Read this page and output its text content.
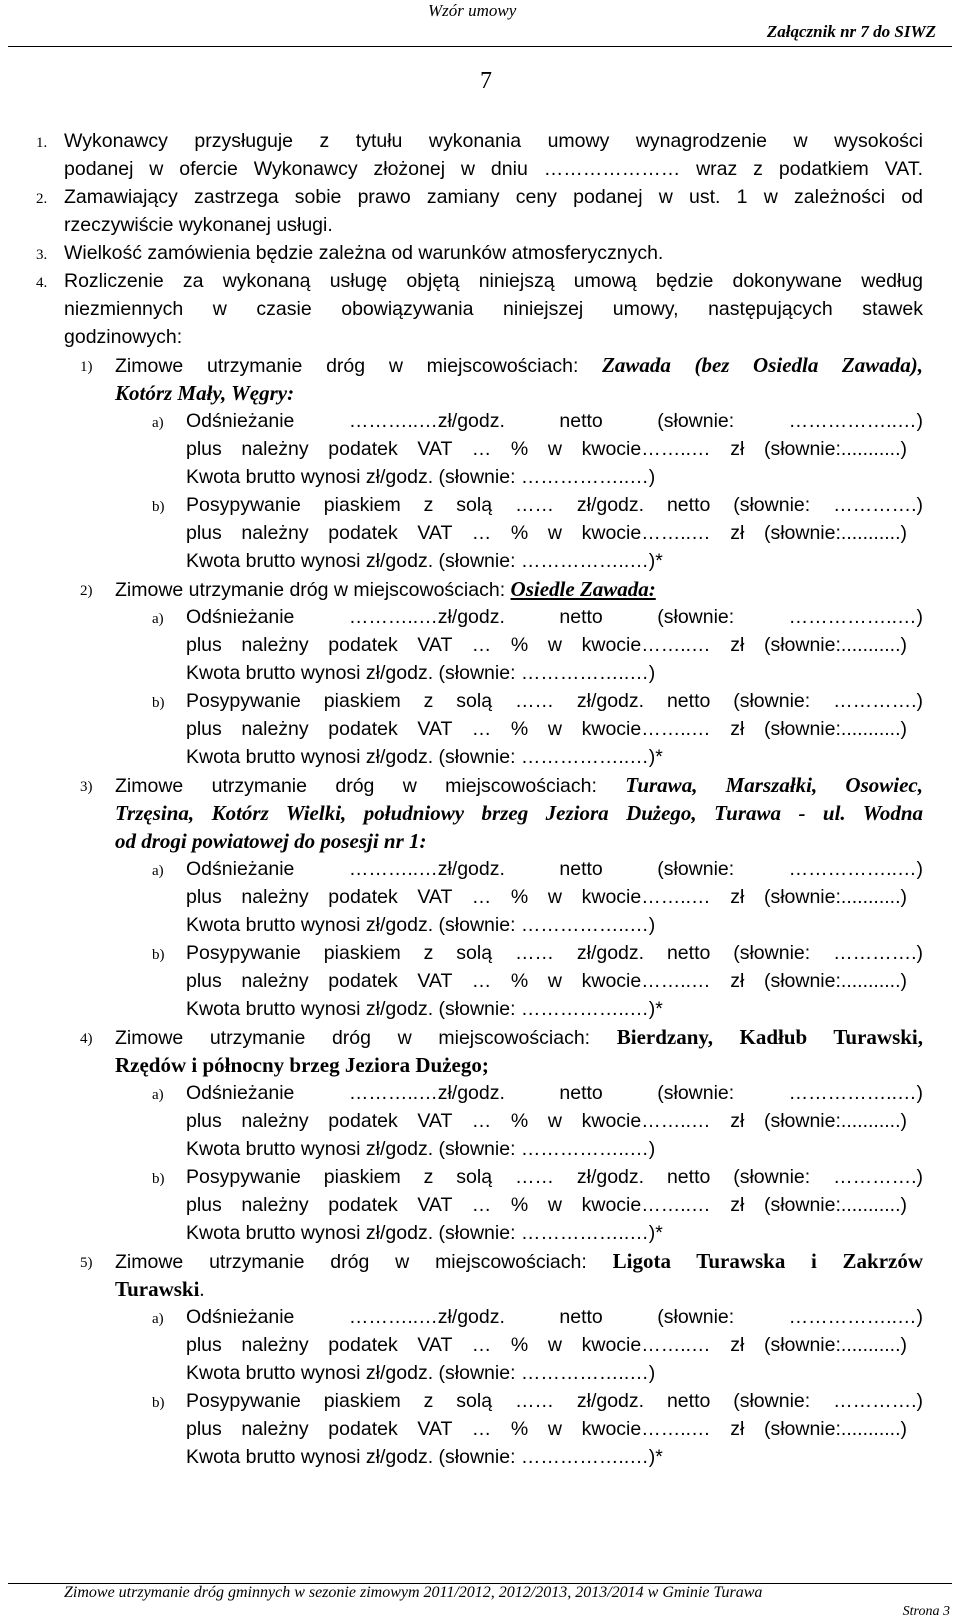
Wzór umowy
Załącznik nr 7 do SIWZ
7
1. Wykonawcy przysługuje z tytułu wykonania umowy wynagrodzenie w wysokości
podanej w ofercie Wykonawcy złożonej w dniu ………………… wraz z podatkiem VAT.
2. Zamawiający zastrzega sobie prawo zamiany ceny podanej w ust. 1 w zależności od
rzeczywiście wykonanej usługi.
3. Wielkość zamówienia będzie zależna od warunków atmosferycznych.
4. Rozliczenie za wykonaną usługę objętą niniejszą umową będzie dokonywane według
niezmiennych w czasie obowiązywania niniejszej umowy, następujących stawek
godzinowych:
1) Zimowe utrzymanie dróg w miejscowościach: Zawada (bez Osiedla Zawada),
Kotórz Mały, Węgry:
a) Odśnieżanie ………..…zł/godz. netto (słownie: ……………..…)
plus należny podatek VAT … % w kwocie……..… zł (słownie:...........)
Kwota brutto wynosi zł/godz. (słownie: ……………..…)
b) Posypywanie piaskiem z solą …… zł/godz. netto (słownie: ………….)
plus należny podatek VAT … % w kwocie……..… zł (słownie:...........)
Kwota brutto wynosi zł/godz. (słownie: ……………..…)*
2) Zimowe utrzymanie dróg w miejscowościach: Osiedle Zawada:
a) Odśnieżanie ………..…zł/godz. netto (słownie: ……………..…)
plus należny podatek VAT … % w kwocie……..… zł (słownie:...........)
Kwota brutto wynosi zł/godz. (słownie: ……………..…)
b) Posypywanie piaskiem z solą …… zł/godz. netto (słownie: ………….)
plus należny podatek VAT … % w kwocie……..… zł (słownie:...........)
Kwota brutto wynosi zł/godz. (słownie: ……………..…)*
3) Zimowe utrzymanie dróg w miejscowościach: Turawa, Marszałki, Osowiec,
Trzęsina, Kotórz Wielki, południowy brzeg Jeziora Dużego, Turawa - ul. Wodna
od drogi powiatowej do posesji nr 1:
a) Odśnieżanie ………..…zł/godz. netto (słownie: ……………..…)
plus należny podatek VAT … % w kwocie……..… zł (słownie:...........)
Kwota brutto wynosi zł/godz. (słownie: ……………..…)
b) Posypywanie piaskiem z solą …… zł/godz. netto (słownie: ………….)
plus należny podatek VAT … % w kwocie……..… zł (słownie:...........)
Kwota brutto wynosi zł/godz. (słownie: ……………..…)*
4) Zimowe utrzymanie dróg w miejscowościach: Bierdzany, Kadłub Turawski,
Rzędów i północny brzeg Jeziora Dużego;
a) Odśnieżanie ………..…zł/godz. netto (słownie: ……………..…)
plus należny podatek VAT … % w kwocie……..… zł (słownie:...........)
Kwota brutto wynosi zł/godz. (słownie: ……………..…)
b) Posypywanie piaskiem z solą …… zł/godz. netto (słownie: ………….)
plus należny podatek VAT … % w kwocie……..… zł (słownie:...........)
Kwota brutto wynosi zł/godz. (słownie: ……………..…)*
5) Zimowe utrzymanie dróg w miejscowościach: Ligota Turawska i Zakrzów
Turawski.
a) Odśnieżanie ………..…zł/godz. netto (słownie: ……………..…)
plus należny podatek VAT … % w kwocie……..… zł (słownie:...........)
Kwota brutto wynosi zł/godz. (słownie: ……………..…)
b) Posypywanie piaskiem z solą …… zł/godz. netto (słownie: ………….)
plus należny podatek VAT … % w kwocie……..… zł (słownie:...........)
Kwota brutto wynosi zł/godz. (słownie: ……………..…)*
Zimowe utrzymanie dróg gminnych w sezonie zimowym 2011/2012, 2012/2013, 2013/2014 w Gminie Turawa
Strona 3
